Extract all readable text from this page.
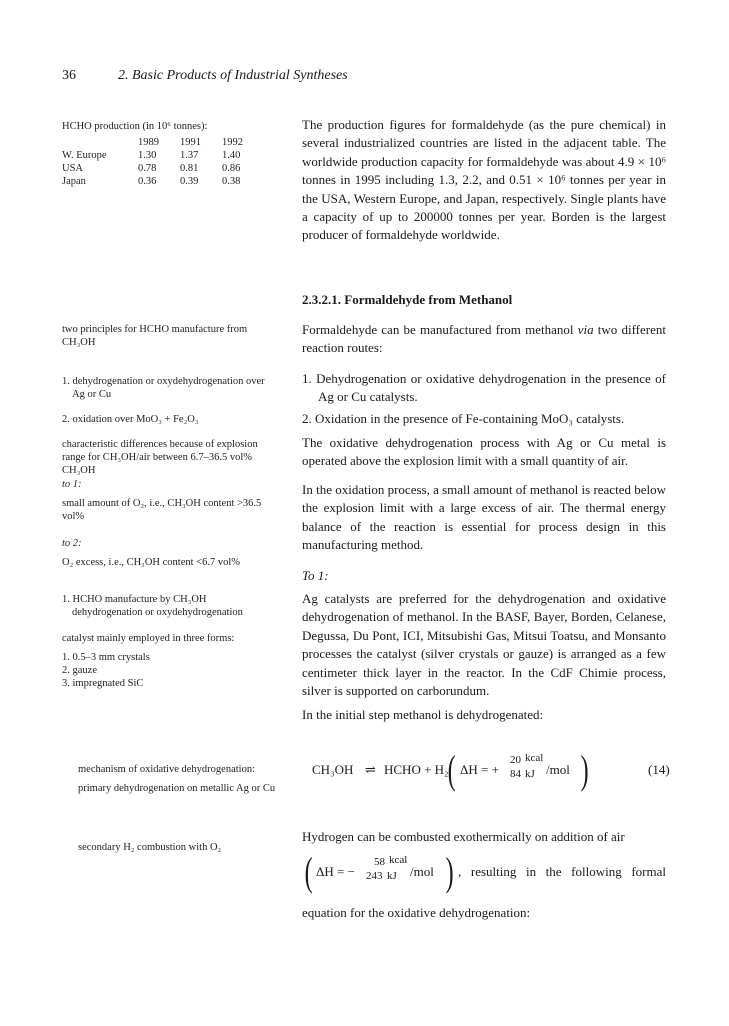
36	2. Basic Products of Industrial Syntheses
HCHO production (in 10⁶ tonnes):
	1989	1991	1992
W. Europe	1.30	1.37	1.40
USA	0.78	0.81	0.86
Japan	0.36	0.39	0.38
two principles for HCHO manufacture from CH₃OH
1. dehydrogenation or oxydehydrogenation over Ag or Cu
2. oxidation over MoO₃ + Fe₂O₃
characteristic differences because of explosion range for CH₃OH/air between 6.7–36.5 vol% CH₃OH
to 1:
small amount of O₂, i.e., CH₃OH content >36.5 vol%
to 2:
O₂ excess, i.e., CH₃OH content <6.7 vol%
1. HCHO manufacture by CH₃OH dehydrogenation or oxydehydrogenation
catalyst mainly employed in three forms:
1. 0.5–3 mm crystals
2. gauze
3. impregnated SiC
mechanism of oxidative dehydrogenation:
primary dehydrogenation on metallic Ag or Cu
secondary H₂ combustion with O₂
The production figures for formaldehyde (as the pure chemical) in several industrialized countries are listed in the adjacent table. The worldwide production capacity for formaldehyde was about 4.9 × 10⁶ tonnes in 1995 including 1.3, 2.2, and 0.51 × 10⁶ tonnes per year in the USA, Western Europe, and Japan, respectively. Single plants have a capacity of up to 200000 tonnes per year. Borden is the largest producer of formaldehyde worldwide.
2.3.2.1. Formaldehyde from Methanol
Formaldehyde can be manufactured from methanol via two different reaction routes:
1. Dehydrogenation or oxidative dehydrogenation in the presence of Ag or Cu catalysts.
2. Oxidation in the presence of Fe-containing MoO₃ catalysts.
The oxidative dehydrogenation process with Ag or Cu metal is operated above the explosion limit with a small quantity of air.
In the oxidation process, a small amount of methanol is reacted below the explosion limit with a large excess of air. The thermal energy balance of the reaction is essential for process design in this manufacturing method.
To 1:
Ag catalysts are preferred for the dehydrogenation and oxidative dehydrogenation of methanol. In the BASF, Bayer, Borden, Celanese, Degussa, Du Pont, ICI, Mitsubishi Gas, Mitsui Toatsu, and Monsanto processes the catalyst (silver crystals or gauze) is arranged as a few centimeter thick layer in the reactor. In the CdF Chimie process, silver is supported on carborundum.
In the initial step methanol is dehydrogenated:
CH₃OH ⇌ HCHO + H₂ ( ΔH = +
20 kcal
84 kJ /mol )	(14)
Hydrogen can be combusted exothermically on addition of air
( ΔH = −
58 kcal
243 kJ /mol ) , resulting in the following formal
equation for the oxidative dehydrogenation:
